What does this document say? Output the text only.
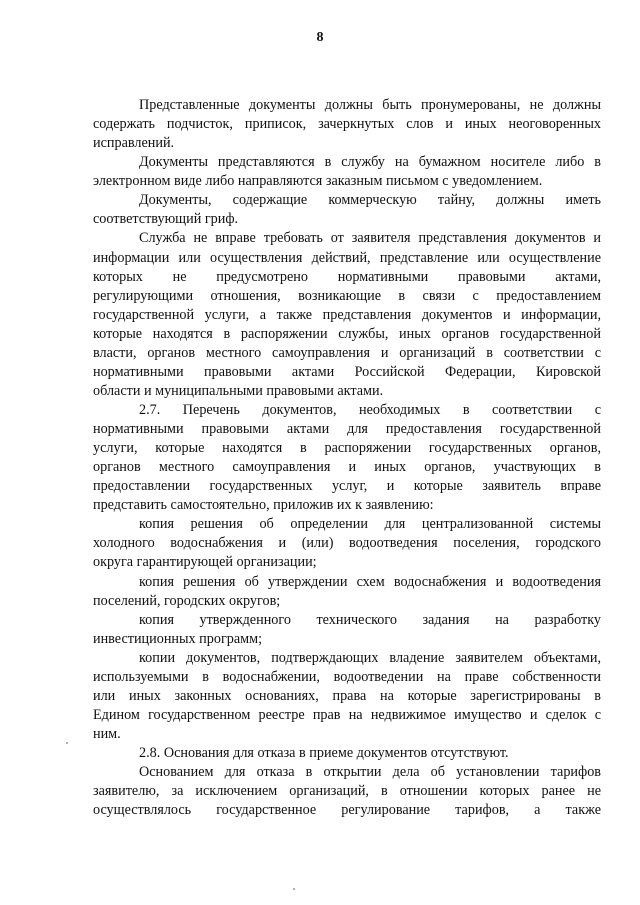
8
Представленные документы должны быть пронумерованы, не должны
содержать подчисток, приписок, зачеркнутых слов и иных неоговоренных
исправлений.
Документы представляются в службу на бумажном носителе либо в
электронном виде либо направляются заказным письмом с уведомлением.
Документы, содержащие коммерческую тайну, должны иметь
соответствующий гриф.
Служба не вправе требовать от заявителя представления документов и
информации или осуществления действий, представление или осуществление
которых не предусмотрено нормативными правовыми актами,
регулирующими отношения, возникающие в связи с предоставлением
государственной услуги, а также представления документов и информации,
которые находятся в распоряжении службы, иных органов государственной
власти, органов местного самоуправления и организаций в соответствии с
нормативными правовыми актами Российской Федерации, Кировской
области и муниципальными правовыми актами.
2.7. Перечень документов, необходимых в соответствии с
нормативными правовыми актами для предоставления государственной
услуги, которые находятся в распоряжении государственных органов,
органов местного самоуправления и иных органов, участвующих в
предоставлении государственных услуг, и которые заявитель вправе
представить самостоятельно, приложив их к заявлению:
копия решения об определении для централизованной системы
холодного водоснабжения и (или) водоотведения поселения, городского
округа гарантирующей организации;
копия решения об утверждении схем водоснабжения и водоотведения
поселений, городских округов;
копия утвержденного технического задания на разработку
инвестиционных программ;
копии документов, подтверждающих владение заявителем объектами,
используемыми в водоснабжении, водоотведении на праве собственности
или иных законных основаниях, права на которые зарегистрированы в
Едином государственном реестре прав на недвижимое имущество и сделок с
ним.
2.8. Основания для отказа в приеме документов отсутствуют.
Основанием для отказа в открытии дела об установлении тарифов
заявителю, за исключением организаций, в отношении которых ранее не
осуществлялось государственное регулирование тарифов, а также
